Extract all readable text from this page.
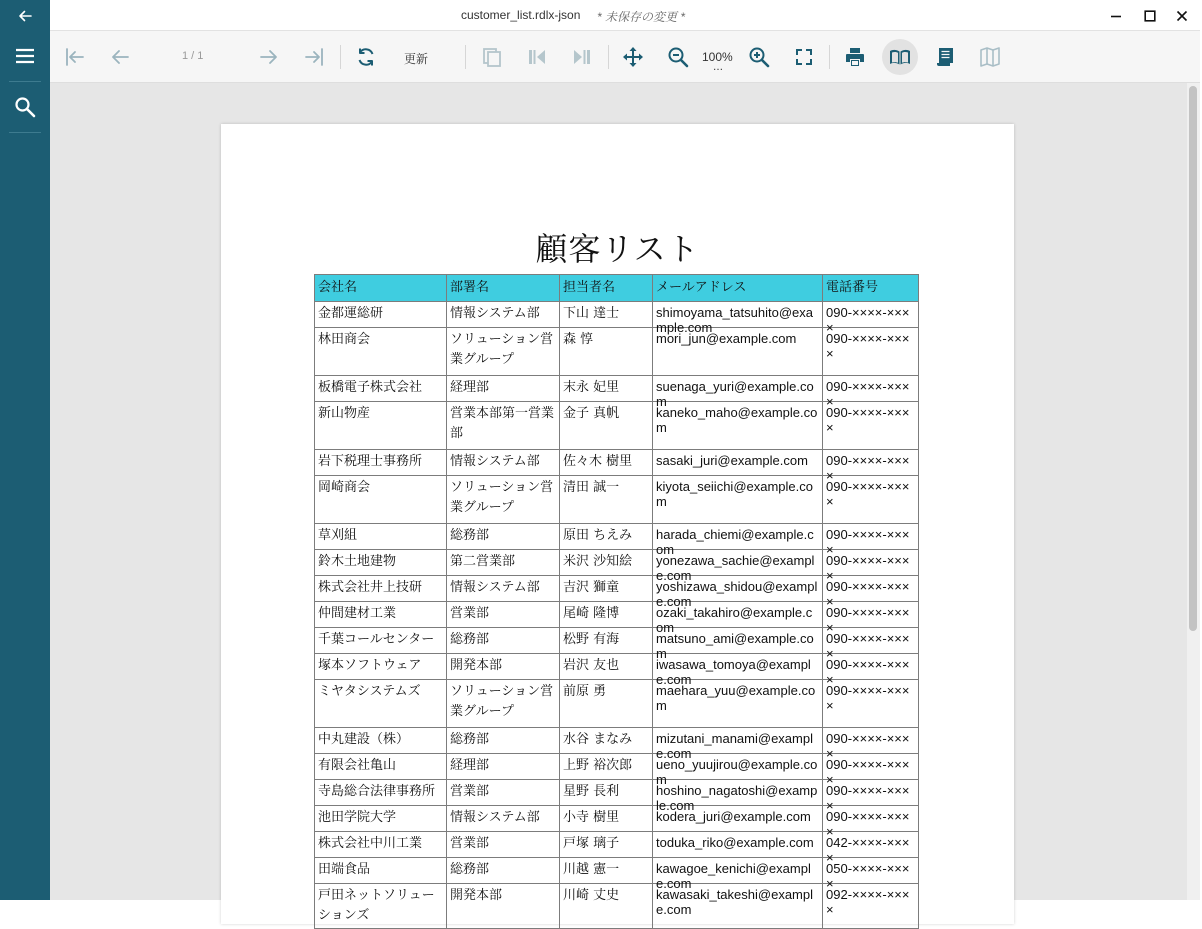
customer_list.rdlx-json * 未保存の変更 *
1 / 1	更新	100%
…
顧客リスト
会社名	部署名	担当者名	メールアドレス	電話番号
金都運総研	情報システム部	下山 達士	shimoyama_tatsuhito@example.com	090-××××-××××

林田商会	ソリューション営業グループ	森 惇	mori_jun@example.com	090-××××-××××

板橋電子株式会社	経理部	末永 妃里	suenaga_yuri@example.com	090-××××-××××

新山物産	営業本部第一営業部	金子 真帆	kaneko_maho@example.com	090-××××-××××

岩下税理士事務所	情報システム部	佐々木 樹里	sasaki_juri@example.com	090-××××-××××

岡崎商会	ソリューション営業グループ	清田 誠一	kiyota_seiichi@example.com	090-××××-××××

草刈組	総務部	原田 ちえみ	harada_chiemi@example.com	090-××××-××××

鈴木土地建物	第二営業部	米沢 沙知絵	yonezawa_sachie@example.com	090-××××-××××

株式会社井上技研	情報システム部	吉沢 獅童	yoshizawa_shidou@example.com	090-××××-××××

仲間建材工業	営業部	尾崎 隆博	ozaki_takahiro@example.com	090-××××-××××

千葉コールセンター	総務部	松野 有海	matsuno_ami@example.com	090-××××-××××

塚本ソフトウェア	開発本部	岩沢 友也	iwasawa_tomoya@example.com	090-××××-××××

ミヤタシステムズ	ソリューション営業グループ	前原 勇	maehara_yuu@example.com	090-××××-××××

中丸建設（株）	総務部	水谷 まなみ	mizutani_manami@example.com	090-××××-××××

有限会社亀山	経理部	上野 裕次郎	ueno_yuujirou@example.com	090-××××-××××

寺島総合法律事務所	営業部	星野 長利	hoshino_nagatoshi@example.com	090-××××-××××

池田学院大学	情報システム部	小寺 樹里	kodera_juri@example.com	090-××××-××××

株式会社中川工業	営業部	戸塚 璃子	toduka_riko@example.com	042-××××-××××

田端食品	総務部	川越 憲一	kawagoe_kenichi@example.com	050-××××-××××

戸田ネットソリューションズ	開発本部	川崎 丈史	kawasaki_takeshi@example.com	092-××××-××××
